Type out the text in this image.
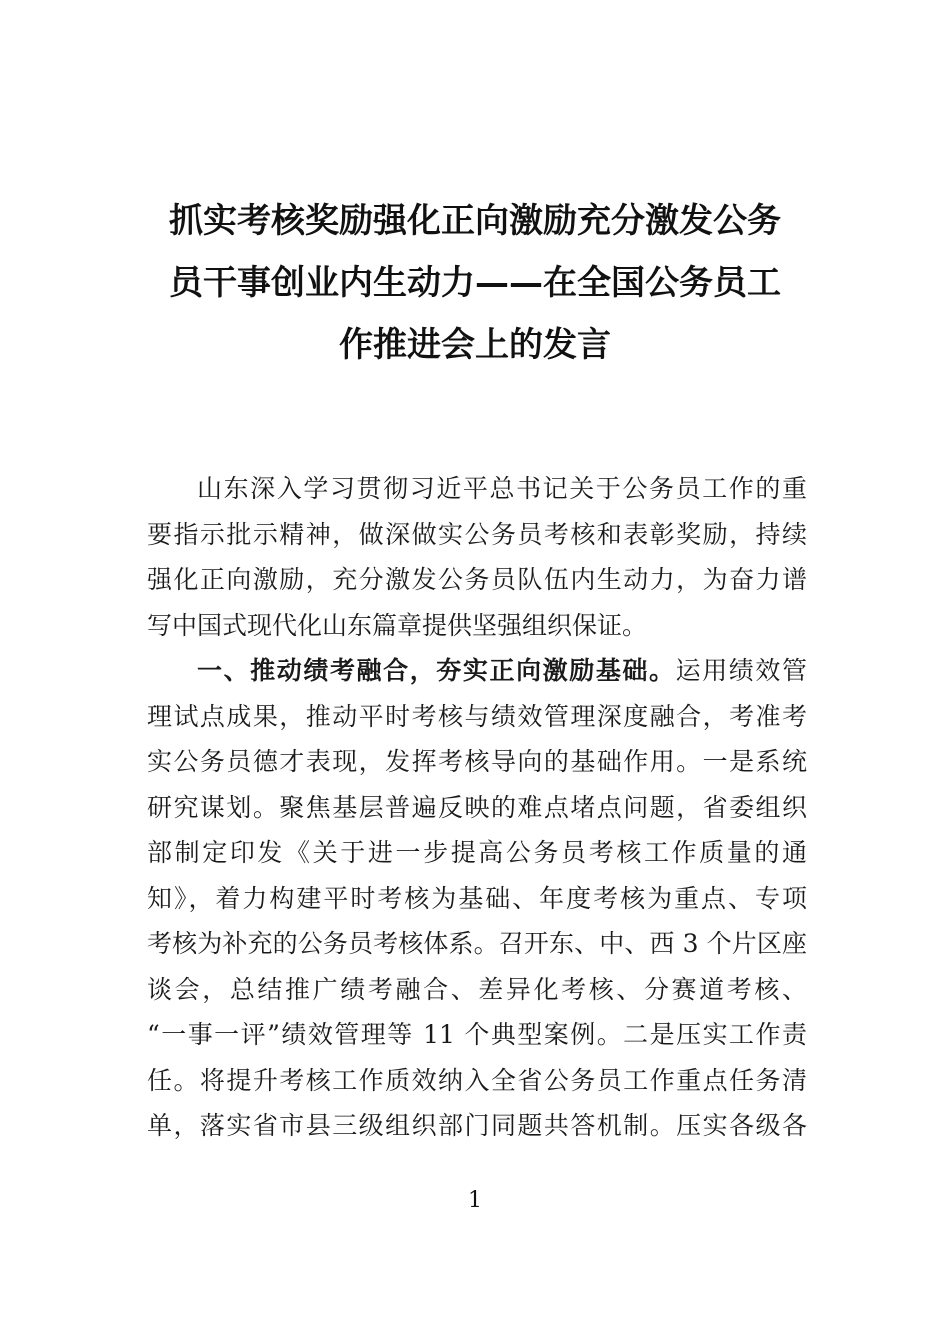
抓实考核奖励强化正向激励充分激发公务
员干事创业内生动力——在全国公务员工
作推进会上的发言
山东深入学习贯彻习近平总书记关于公务员工作的重
要指示批示精神，做深做实公务员考核和表彰奖励，持续
强化正向激励，充分激发公务员队伍内生动力，为奋力谱
写中国式现代化山东篇章提供坚强组织保证。
一、推动绩考融合，夯实正向激励基础。运用绩效管
理试点成果，推动平时考核与绩效管理深度融合，考准考
实公务员德才表现，发挥考核导向的基础作用。一是系统
研究谋划。聚焦基层普遍反映的难点堵点问题，省委组织
部制定印发《关于进一步提高公务员考核工作质量的通
知》，着力构建平时考核为基础、年度考核为重点、专项
考核为补充的公务员考核体系。召开东、中、西 3 个片区座
谈会，总结推广绩考融合、差异化考核、分赛道考核、
“一事一评”绩效管理等 11 个典型案例。二是压实工作责
任。将提升考核工作质效纳入全省公务员工作重点任务清
单，落实省市县三级组织部门同题共答机制。压实各级各
1
